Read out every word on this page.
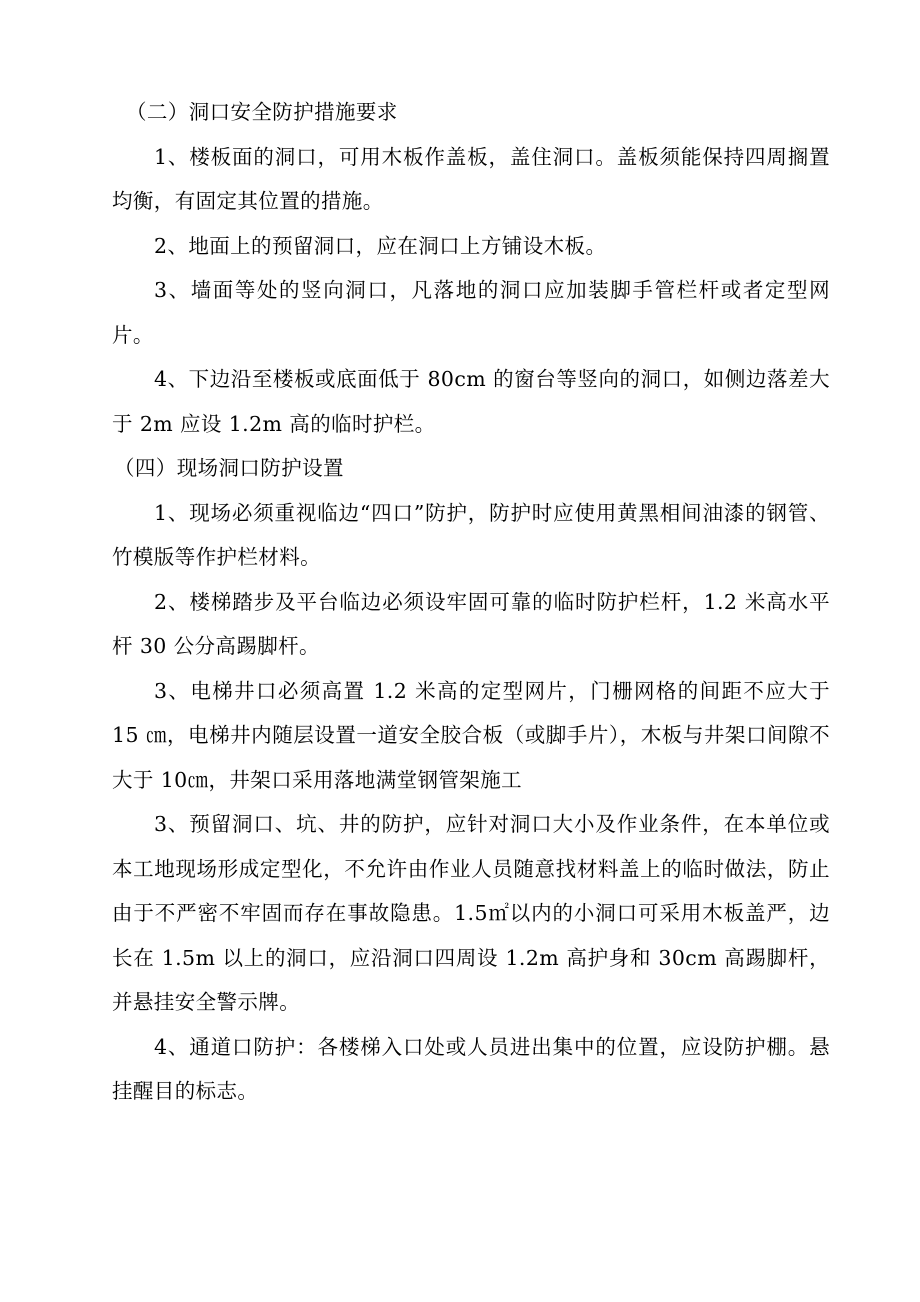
（二）洞口安全防护措施要求

1、楼板面的洞口，可用木板作盖板，盖住洞口。盖板须能保持四周搁置均衡，有固定其位置的措施。

2、地面上的预留洞口，应在洞口上方铺设木板。

3、墙面等处的竖向洞口，凡落地的洞口应加装脚手管栏杆或者定型网片。

4、下边沿至楼板或底面低于 80cm 的窗台等竖向的洞口，如侧边落差大于 2m 应设 1.2m 高的临时护栏。

（四）现场洞口防护设置

1、现场必须重视临边“四口”防护，防护时应使用黄黑相间油漆的钢管、竹模版等作护栏材料。

2、楼梯踏步及平台临边必须设牢固可靠的临时防护栏杆，1.2 米高水平杆 30 公分高踢脚杆。

3、电梯井口必须高置 1.2 米高的定型网片，门栅网格的间距不应大于 15 ㎝，电梯井内随层设置一道安全胶合板（或脚手片），木板与井架口间隙不大于 10㎝，井架口采用落地满堂钢管架施工

3、预留洞口、坑、井的防护，应针对洞口大小及作业条件，在本单位或本工地现场形成定型化，不允许由作业人员随意找材料盖上的临时做法，防止由于不严密不牢固而存在事故隐患。1.5㎡以内的小洞口可采用木板盖严，边长在 1.5m 以上的洞口，应沿洞口四周设 1.2m 高护身和 30cm 高踢脚杆，并悬挂安全警示牌。

4、通道口防护：各楼梯入口处或人员进出集中的位置，应设防护棚。悬挂醒目的标志。
